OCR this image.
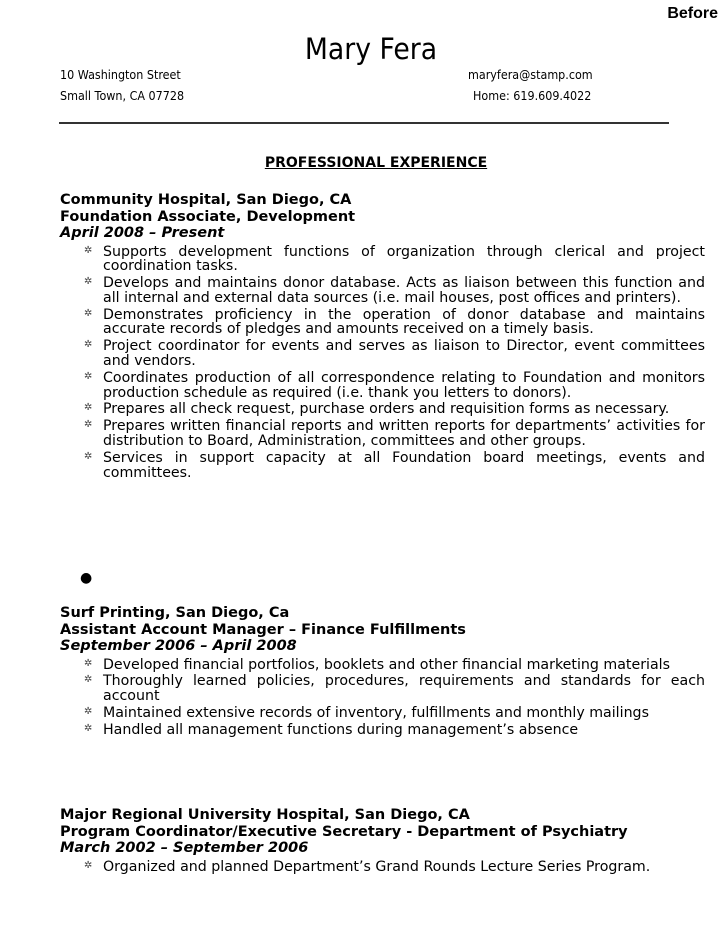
Before
Mary Fera
10 Washington Street
Small Town, CA 07728
maryfera@stamp.com
Home: 619.609.4022
PROFESSIONAL EXPERIENCE
Community Hospital, San Diego, CA
Foundation Associate, Development
April 2008 – Present
✲ Supports development functions of organization through clerical and project coordination tasks.
✲ Develops and maintains donor database. Acts as liaison between this function and all internal and external data sources (i.e. mail houses, post offices and printers).
✲ Demonstrates proficiency in the operation of donor database and maintains accurate records of pledges and amounts received on a timely basis.
✲ Project coordinator for events and serves as liaison to Director, event committees and vendors.
✲ Coordinates production of all correspondence relating to Foundation and monitors production schedule as required (i.e. thank you letters to donors).
✲ Prepares all check request, purchase orders and requisition forms as necessary.
✲ Prepares written financial reports and written reports for departments’ activities for distribution to Board, Administration, committees and other groups.
✲ Services in support capacity at all Foundation board meetings, events and committees.
●
Surf Printing, San Diego, Ca
Assistant Account Manager – Finance Fulfillments
September 2006 – April 2008
✲ Developed financial portfolios, booklets and other financial marketing materials
✲ Thoroughly learned policies, procedures, requirements and standards for each account
✲ Maintained extensive records of inventory, fulfillments and monthly mailings
✲ Handled all management functions during management’s absence
Major Regional University Hospital, San Diego, CA
Program Coordinator/Executive Secretary - Department of Psychiatry
March 2002 – September 2006
✲ Organized and planned Department’s Grand Rounds Lecture Series Program.
